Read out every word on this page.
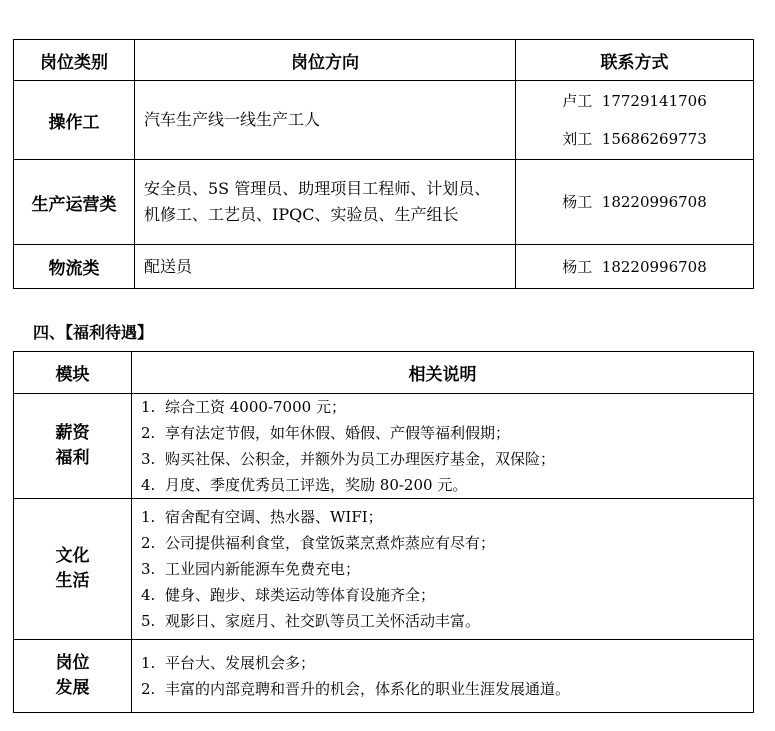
岗位类别	岗位方向	联系方式
操作工	汽车生产线一线生产工人	卢工  17729141706
刘工  15686269773

生产运营类	安全员、5S 管理员、助理项目工程师、计划员、
机修工、工艺员、IPQC、实验员、生产组长	杨工  18220996708

物流类	配送员	杨工  18220996708
四、【福利待遇】
模块	相关说明

薪资
福利	1. 综合工资 4000-7000 元；
2. 享有法定节假，如年休假、婚假、产假等福利假期；
3. 购买社保、公积金，并额外为员工办理医疗基金，双保险；
4. 月度、季度优秀员工评选，奖励 80-200 元。

文化
生活	1. 宿舍配有空调、热水器、WIFI；
2. 公司提供福利食堂，食堂饭菜烹煮炸蒸应有尽有；
3. 工业园内新能源车免费充电；
4. 健身、跑步、球类运动等体育设施齐全；
5. 观影日、家庭月、社交趴等员工关怀活动丰富。

岗位
发展	1. 平台大、发展机会多；
2. 丰富的内部竞聘和晋升的机会，体系化的职业生涯发展通道。
